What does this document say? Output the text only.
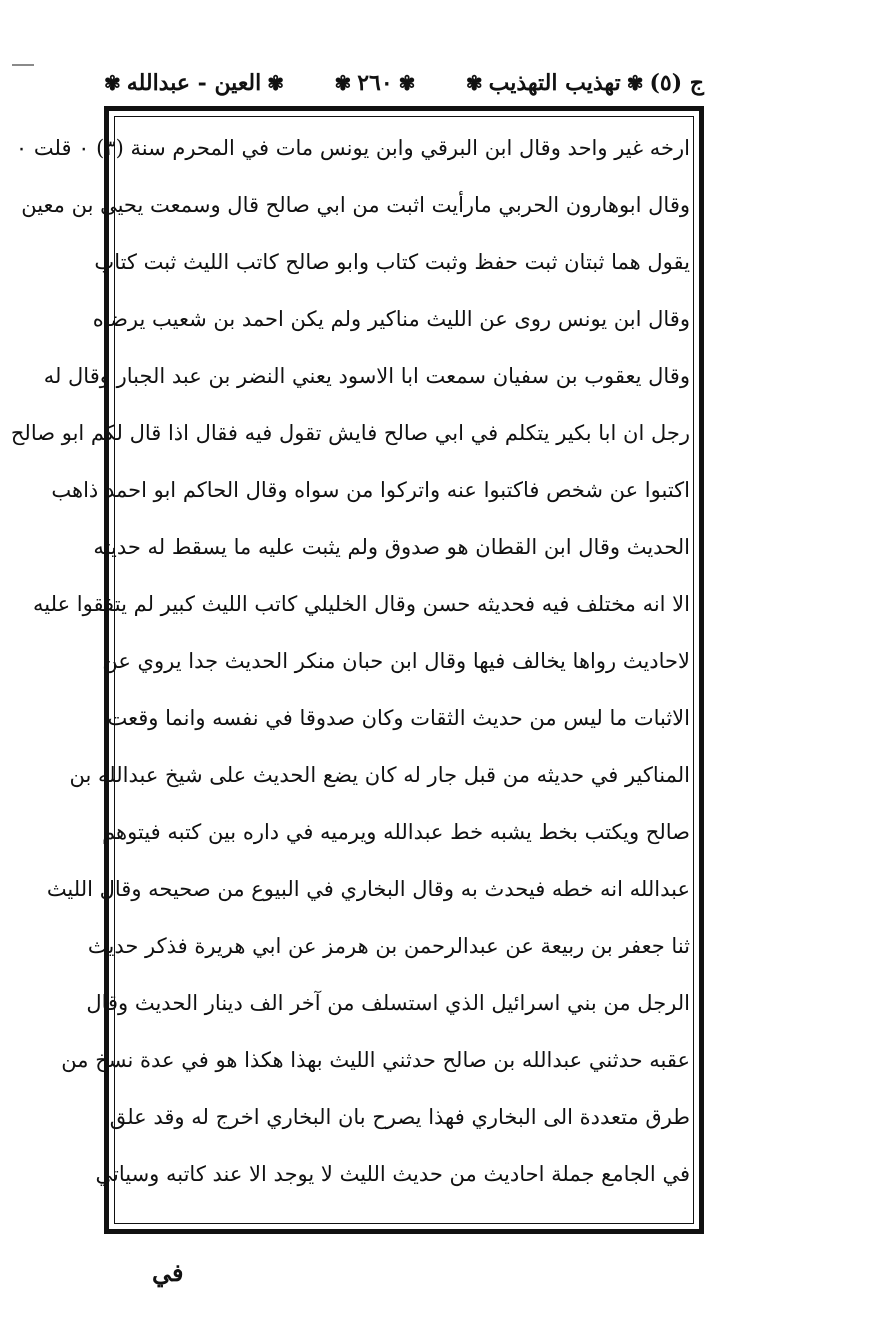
ج (٥)
✾
تهذيب التهذيب
✾
✾
٢٦٠
✾
✾
العين - عبدالله
✾
ارخه غير واحد وقال ابن البرقي وابن يونس مات في المحرم سنة (٣) ٠ قلت ٠
وقال ابوهارون الحربي مارأيت اثبت من ابي صالح قال وسمعت يحيى بن معين
يقول هما ثبتان ثبت حفظ وثبت كتاب وابو صالح كاتب الليث ثبت كتاب
وقال ابن يونس روى عن الليث مناكير ولم يكن احمد بن شعيب يرضاه
وقال يعقوب بن سفيان سمعت ابا الاسود يعني النضر بن عبد الجبار وقال له
رجل ان ابا بكير يتكلم في ابي صالح فايش تقول فيه فقال اذا قال لكم ابو صالح
اكتبوا عن شخص فاكتبوا عنه واتركوا من سواه وقال الحاكم ابو احمد ذاهب
الحديث وقال ابن القطان هو صدوق ولم يثبت عليه ما يسقط له حديثه
الا انه مختلف فيه فحديثه حسن وقال الخليلي كاتب الليث كبير لم يتفقوا عليه
لاحاديث رواها يخالف فيها وقال ابن حبان منكر الحديث جدا يروي عن
الاثبات ما ليس من حديث الثقات وكان صدوقا في نفسه وانما وقعت
المناكير في حديثه من قبل جار له كان يضع الحديث على شيخ عبدالله بن
صالح ويكتب بخط يشبه خط عبدالله ويرميه في داره بين كتبه فيتوهم
عبدالله انه خطه فيحدث به وقال البخاري في البيوع من صحيحه وقال الليث
ثنا جعفر بن ربيعة عن عبدالرحمن بن هرمز عن ابي هريرة فذكر حديث
الرجل من بني اسرائيل الذي استسلف من آخر الف دينار الحديث وقال
عقبه حدثني عبدالله بن صالح حدثني الليث بهذا هكذا هو في عدة نسخ من
طرق متعددة الى البخاري فهذا يصرح بان البخاري اخرج له وقد علق
في الجامع جملة احاديث من حديث الليث لا يوجد الا عند كاتبه وسياتي
في
